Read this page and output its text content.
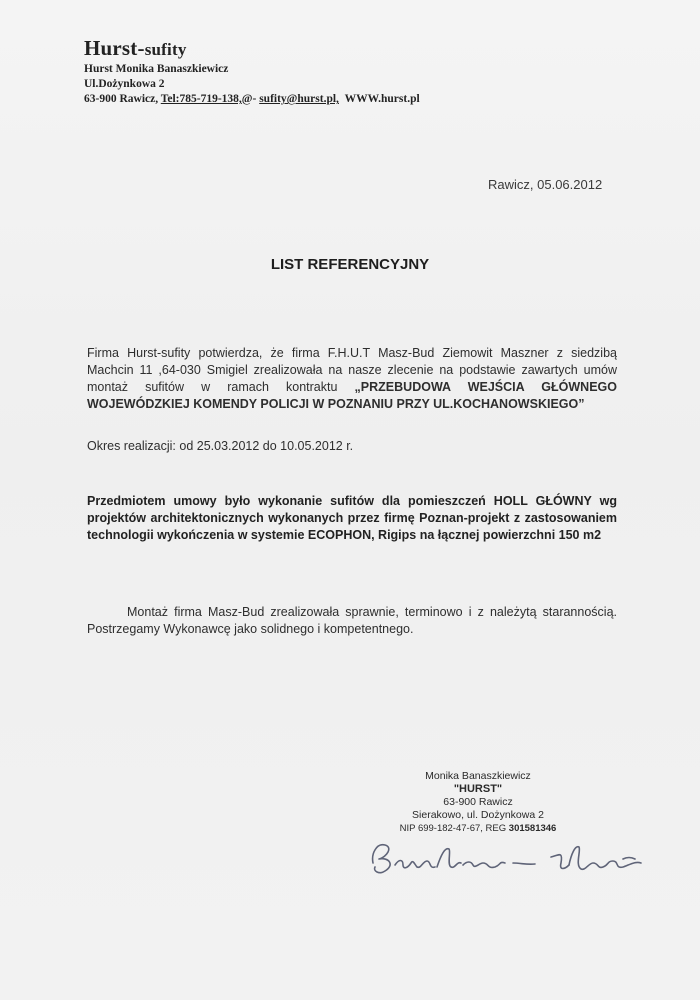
Hurst-sufity
Hurst Monika Banaszkiewicz
Ul.Dożynkowa 2
63-900 Rawicz, Tel:785-719-138,@- sufity@hurst.pl, WWW.hurst.pl
Rawicz, 05.06.2012
LIST REFERENCYJNY
Firma Hurst-sufity potwierdza, że firma F.H.U.T Masz-Bud Ziemowit Maszner z siedzibą Machcin 11 ,64-030 Smigiel zrealizowała na nasze zlecenie na podstawie zawartych umów montaż sufitów w ramach kontraktu „PRZEBUDOWA WEJŚCIA GŁÓWNEGO WOJEWÓDZKIEJ KOMENDY POLICJI W POZNANIU PRZY UL.KOCHANOWSKIEGO”
Okres realizacji: od 25.03.2012 do 10.05.2012 r.
Przedmiotem umowy było wykonanie sufitów dla pomieszczeń HOLL GŁÓWNY wg projektów architektonicznych wykonanych przez firmę Poznan-projekt z zastosowaniem technologii wykończenia w systemie ECOPHON, Rigips na łącznej powierzchni 150 m2
Montaż firma Masz-Bud zrealizowała sprawnie, terminowo i z należytą starannością. Postrzegamy Wykonawcę jako solidnego i kompetentnego.
Monika Banaszkiewicz
"HURST"
63-900 Rawicz
Sierakowo, ul. Dożynkowa 2
NIP 699-182-47-67, REG 301581346
